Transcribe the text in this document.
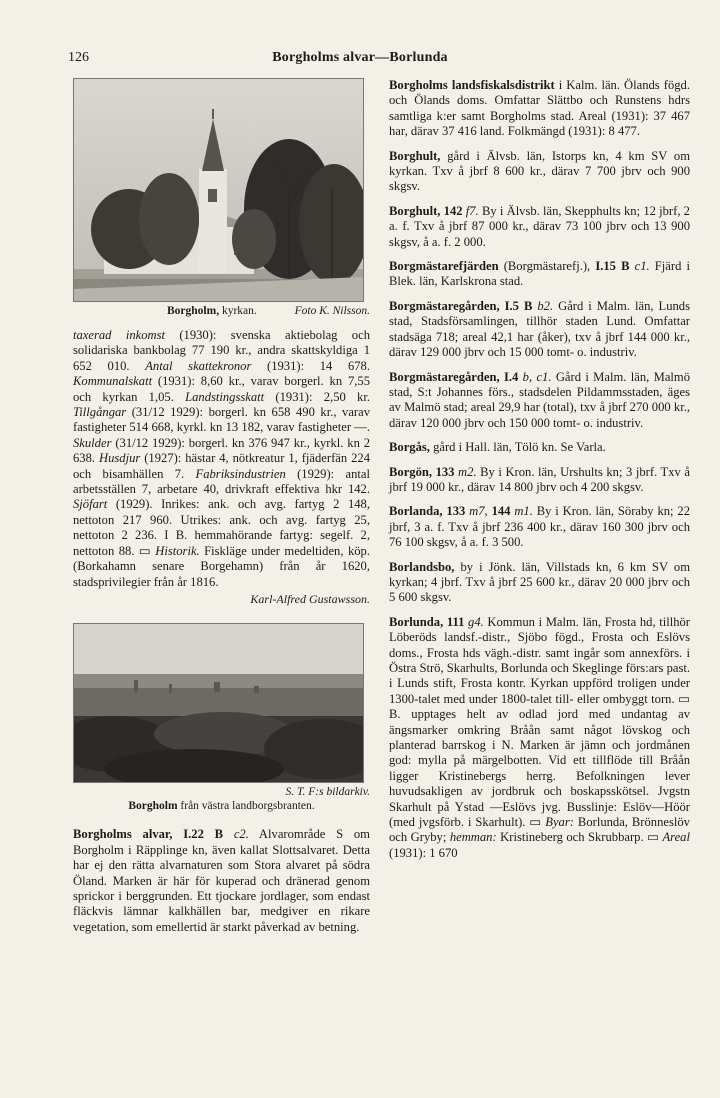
126	Borgholms alvar—Borlunda
Foto K. Nilsson.
Borgholm, kyrkan.

taxerad inkomst (1930): svenska aktiebolag och solidariska bankbolag 77 190 kr., andra skattskyldiga 1 652 010. Antal skattekronor (1931): 14 678. Kommunalskatt (1931): 8,60 kr., varav borgerl. kn 7,55 och kyrkan 1,05. Landstingsskatt (1931): 2,50 kr. Tillgångar (31/12 1929): borgerl. kn 658 490 kr., varav fastigheter 514 668, kyrkl. kn 13 182, varav fastigheter —. Skulder (31/12 1929): borgerl. kn 376 947 kr., kyrkl. kn 2 638. Husdjur (1927): hästar 4, nötkreatur 1, fjäderfän 224 och bisamhällen 7. Fabriksindustrien (1929): antal arbetsställen 7, arbetare 40, drivkraft effektiva hkr 142. Sjöfart (1929). Inrikes: ank. och avg. fartyg 2 148, nettoton 217 960. Utrikes: ank. och avg. fartyg 25, nettoton 2 236. I B. hemmahörande fartyg: segelf. 2, nettoton 88. ▭ Historik. Fiskläge under medeltiden, köp. (Borkahamn senare Borgehamn) från år 1620, stadsprivilegier från år 1816.

Karl-Alfred Gustawsson.
S. T. F:s bildarkiv.
Borgholm från västra landborgsbranten.

Borgholms alvar, I.22 B c2. Alvarområde S om Borgholm i Räpplinge kn, även kallat Slottsalvaret. Detta har ej den rätta alvarnaturen som Stora alvaret på södra Öland. Marken är här för kuperad och dränerad genom sprickor i berggrunden. Ett tjockare jordlager, som endast fläckvis lämnar kalkhällen bar, medgiver en rikare vegetation, som emellertid är starkt påverkad av betning.

Borgholms landsfiskalsdistrikt i Kalm. län. Ölands fögd. och Ölands doms. Omfattar Slättbo och Runstens hdrs samtliga k:er samt Borgholms stad. Areal (1931): 37 467 har, därav 37 416 land. Folkmängd (1931): 8 477.

Borghult, gård i Älvsb. län, Istorps kn, 4 km SV om kyrkan. Txv å jbrf 8 600 kr., därav 7 700 jbrv och 900 skgsv.

Borghult, 142 f7. By i Älvsb. län, Skepphults kn; 12 jbrf, 2 a. f. Txv å jbrf 87 000 kr., därav 73 100 jbrv och 13 900 skgsv, å a. f. 2 000.

Borgmästarefjärden (Borgmästarefj.), I.15 B c1. Fjärd i Blek. län, Karlskrona stad.

Borgmästaregården, I.5 B b2. Gård i Malm. län, Lunds stad, Stadsförsamlingen, tillhör staden Lund. Omfattar stadsäga 718; areal 42,1 har (åker), txv å jbrf 144 000 kr., därav 129 000 jbrv och 15 000 tomt- o. industriv.

Borgmästaregården, I.4 b, c1. Gård i Malm. län, Malmö stad, S:t Johannes förs., stadsdelen Pildammsstaden, äges av Malmö stad; areal 29,9 har (total), txv å jbrf 270 000 kr., därav 120 000 jbrv och 150 000 tomt- o. industriv.

Borgås, gård i Hall. län, Tölö kn. Se Varla.

Borgön, 133 m2. By i Kron. län, Urshults kn; 3 jbrf. Txv å jbrf 19 000 kr., därav 14 800 jbrv och 4 200 skgsv.

Borlanda, 133 m7, 144 m1. By i Kron. län, Söraby kn; 22 jbrf, 3 a. f. Txv å jbrf 236 400 kr., därav 160 300 jbrv och 76 100 skgsv, å a. f. 3 500.

Borlandsbo, by i Jönk. län, Villstads kn, 6 km SV om kyrkan; 4 jbrf. Txv å jbrf 25 600 kr., därav 20 000 jbrv och 5 600 skgsv.

Borlunda, 111 g4. Kommun i Malm. län, Frosta hd, tillhör Löberöds landsf.-distr., Sjöbo fögd., Frosta och Eslövs doms., Frosta hds vägh.-distr. samt ingår som annexförs. i Östra Strö, Skarhults, Borlunda och Skeglinge förs:ars past. i Lunds stift, Frosta kontr. Kyrkan uppförd troligen under 1300-talet med under 1800-talet till- eller ombyggt torn. ▭ B. upptages helt av odlad jord med undantag av ängsmarker omkring Bråån samt något lövskog och planterad barrskog i N. Marken är jämn och jordmånen god: mylla på märgelbotten. Vid ett tillflöde till Bråån ligger Kristinebergs herrg. Befolkningen lever huvudsakligen av jordbruk och boskapsskötsel. Jvgstn Skarhult på Ystad —Eslövs jvg. Busslinje: Eslöv—Höör (med jvgsförb. i Skarhult). ▭ Byar: Borlunda, Brönneslöv och Gryby; hemman: Kristineberg och Skrubbarp. ▭ Areal (1931): 1 670
